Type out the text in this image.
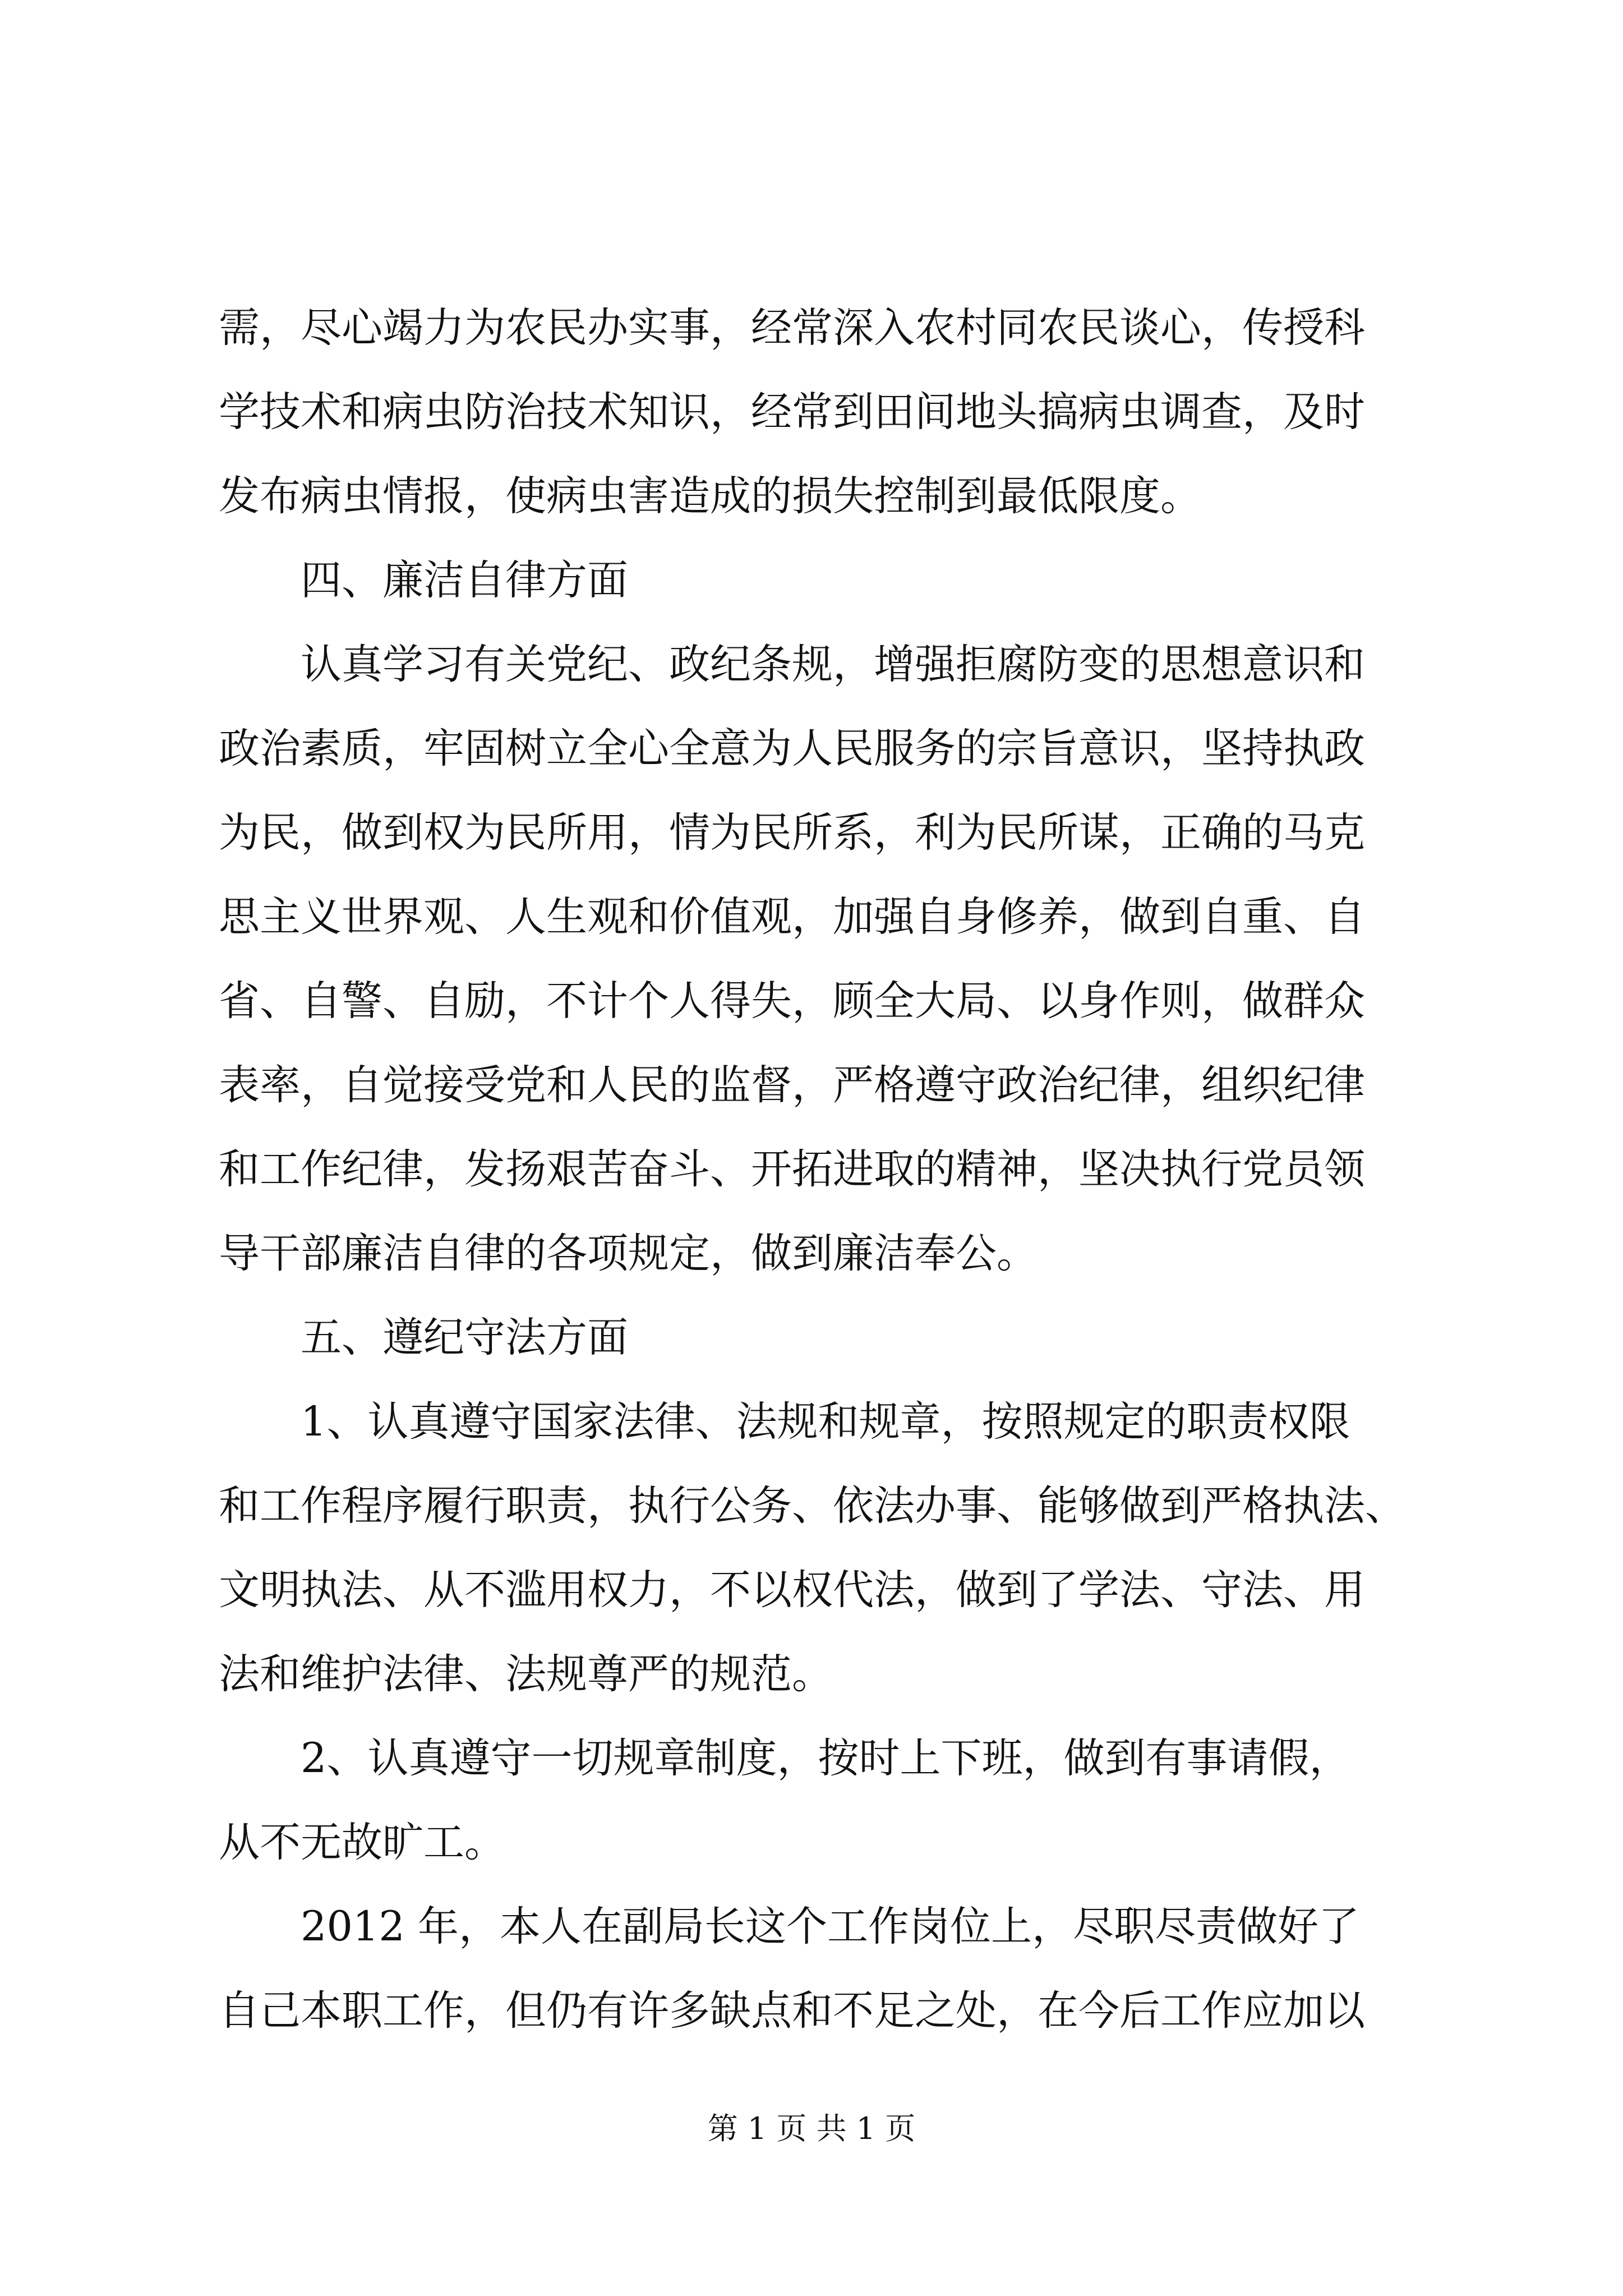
需，尽心竭力为农民办实事，经常深入农村同农民谈心，传授科
学技术和病虫防治技术知识，经常到田间地头搞病虫调查，及时
发布病虫情报，使病虫害造成的损失控制到最低限度。
四、廉洁自律方面
认真学习有关党纪、政纪条规，增强拒腐防变的思想意识和
政治素质，牢固树立全心全意为人民服务的宗旨意识，坚持执政
为民，做到权为民所用，情为民所系，利为民所谋，正确的马克
思主义世界观、人生观和价值观，加强自身修养，做到自重、自
省、自警、自励，不计个人得失，顾全大局、以身作则，做群众
表率，自觉接受党和人民的监督，严格遵守政治纪律，组织纪律
和工作纪律，发扬艰苦奋斗、开拓进取的精神，坚决执行党员领
导干部廉洁自律的各项规定，做到廉洁奉公。
五、遵纪守法方面
1、认真遵守国家法律、法规和规章，按照规定的职责权限
和工作程序履行职责，执行公务、依法办事、能够做到严格执法、
文明执法、从不滥用权力，不以权代法，做到了学法、守法、用
法和维护法律、法规尊严的规范。
2、认真遵守一切规章制度，按时上下班，做到有事请假，
从不无故旷工。
2012 年，本人在副局长这个工作岗位上，尽职尽责做好了
自己本职工作，但仍有许多缺点和不足之处，在今后工作应加以
第 1 页 共 1 页
